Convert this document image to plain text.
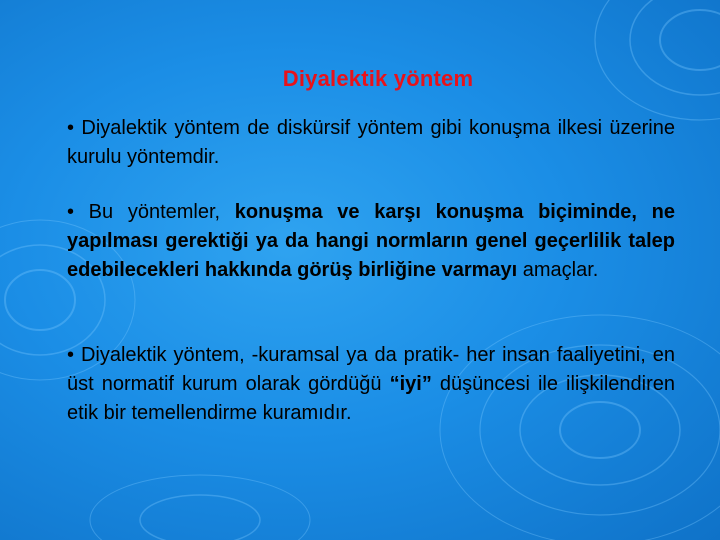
Diyalektik yöntem
• Diyalektik yöntem de diskürsif yöntem gibi konuşma ilkesi üzerine kurulu yöntemdir.
• Bu yöntemler, konuşma ve karşı konuşma biçiminde, ne yapılması gerektiği ya da hangi normların genel geçerlilik talep edebilecekleri hakkında görüş birliğine varmayı amaçlar.
• Diyalektik yöntem, -kuramsal ya da pratik- her insan faaliyetini, en üst normatif kurum olarak gördüğü “iyi” düşüncesi ile ilişkilendiren etik bir temellendirme kuramıdır.
